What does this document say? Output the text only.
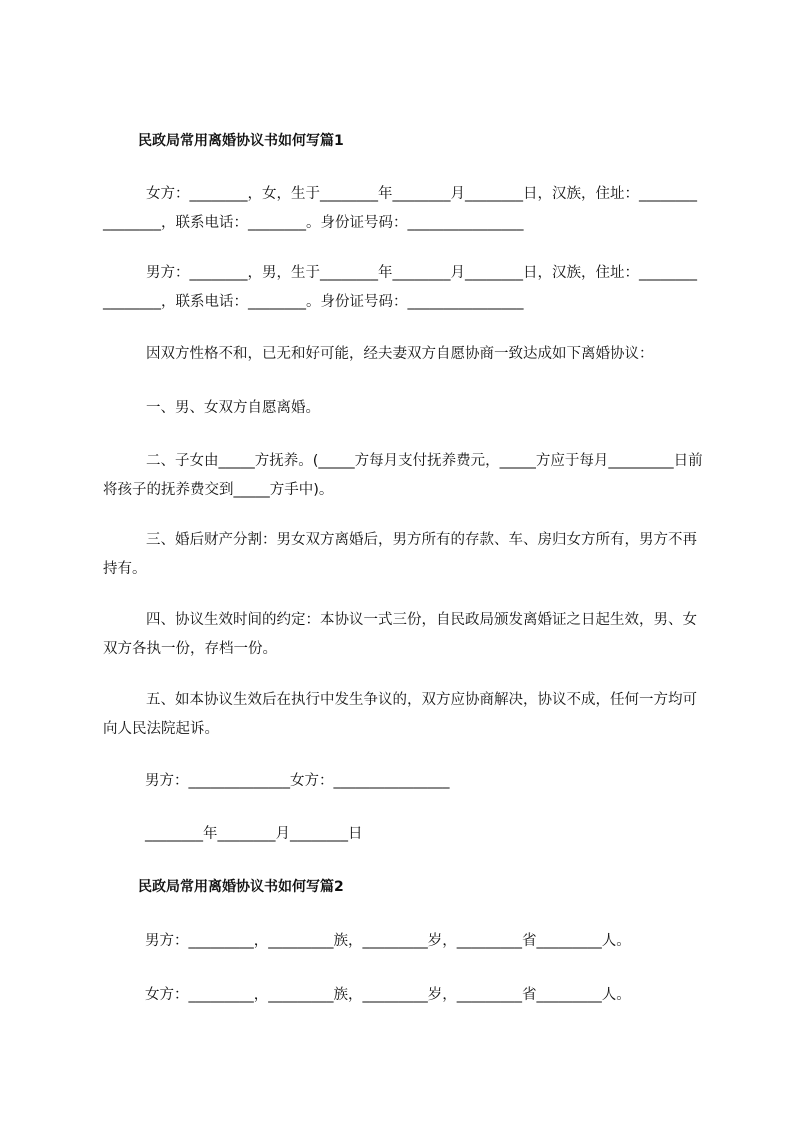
民政局常用离婚协议书如何写篇1
女方：________，女，生于________年________月________日，汉族，住址：________________，联系电话：________。身份证号码：________________
男方：________，男，生于________年________月________日，汉族，住址：________________，联系电话：________。身份证号码：________________
因双方性格不和，已无和好可能，经夫妻双方自愿协商一致达成如下离婚协议：
一、男、女双方自愿离婚。
二、子女由_____方抚养。(_____方每月支付抚养费元，_____方应于每月_________日前将孩子的抚养费交到_____方手中)。
三、婚后财产分割：男女双方离婚后，男方所有的存款、车、房归女方所有，男方不再持有。
四、协议生效时间的约定：本协议一式三份，自民政局颁发离婚证之日起生效，男、女双方各执一份，存档一份。
五、如本协议生效后在执行中发生争议的，双方应协商解决，协议不成，任何一方均可向人民法院起诉。
男方：______________女方：________________
________年________月________日
民政局常用离婚协议书如何写篇2
男方：_________，_________族，_________岁，_________省_________人。
女方：_________，_________族，_________岁，_________省_________人。
